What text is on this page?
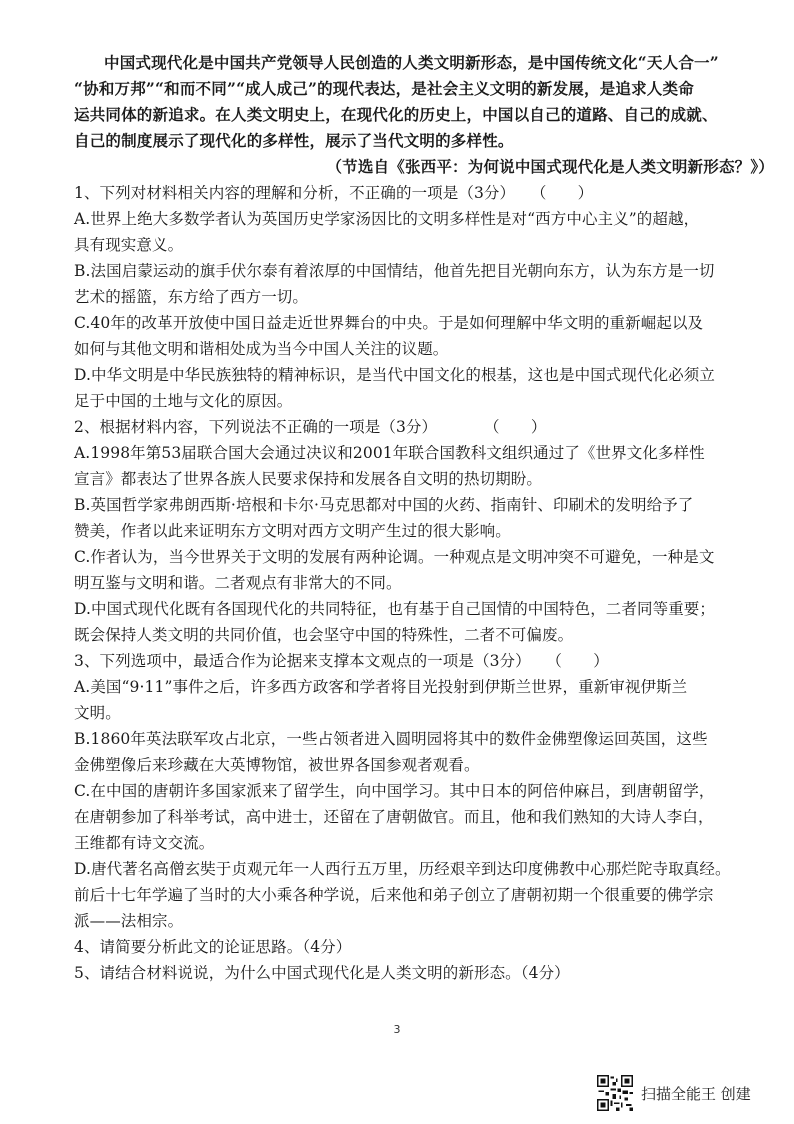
中国式现代化是中国共产党领导人民创造的人类文明新形态，是中国传统文化“天人合一”
“协和万邦”“和而不同”“成人成己”的现代表达，是社会主义文明的新发展，是追求人类命
运共同体的新追求。在人类文明史上，在现代化的历史上，中国以自己的道路、自己的成就、
自己的制度展示了现代化的多样性，展示了当代文明的多样性。
（节选自《张西平：为何说中国式现代化是人类文明新形态？》）
1、下列对材料相关内容的理解和分析，不正确的一项是（3分）　　（　　）
A.世界上绝大多数学者认为英国历史学家汤因比的文明多样性是对“西方中心主义”的超越，
具有现实意义。
B.法国启蒙运动的旗手伏尔泰有着浓厚的中国情结，他首先把目光朝向东方，认为东方是一切
艺术的摇篮，东方给了西方一切。
C.40年的改革开放使中国日益走近世界舞台的中央。于是如何理解中华文明的重新崛起以及
如何与其他文明和谐相处成为当今中国人关注的议题。
D.中华文明是中华民族独特的精神标识，是当代中国文化的根基，这也是中国式现代化必须立
足于中国的土地与文化的原因。
2、根据材料内容，下列说法不正确的一项是（3分）　　　　（　　）
A.1998年第53届联合国大会通过决议和2001年联合国教科文组织通过了《世界文化多样性
宣言》都表达了世界各族人民要求保持和发展各自文明的热切期盼。
B.英国哲学家弗朗西斯·培根和卡尔·马克思都对中国的火药、指南针、印刷术的发明给予了
赞美，作者以此来证明东方文明对西方文明产生过的很大影响。
C.作者认为，当今世界关于文明的发展有两种论调。一种观点是文明冲突不可避免，一种是文
明互鉴与文明和谐。二者观点有非常大的不同。
D.中国式现代化既有各国现代化的共同特征，也有基于自己国情的中国特色，二者同等重要；
既会保持人类文明的共同价值，也会坚守中国的特殊性，二者不可偏废。
3、下列选项中，最适合作为论据来支撑本文观点的一项是（3分）　　（　　）
A.美国“9·11”事件之后，许多西方政客和学者将目光投射到伊斯兰世界，重新审视伊斯兰
文明。
B.1860年英法联军攻占北京，一些占领者进入圆明园将其中的数件金佛塑像运回英国，这些
金佛塑像后来珍藏在大英博物馆，被世界各国参观者观看。
C.在中国的唐朝许多国家派来了留学生，向中国学习。其中日本的阿倍仲麻吕，到唐朝留学，
在唐朝参加了科举考试，高中进士，还留在了唐朝做官。而且，他和我们熟知的大诗人李白，
王维都有诗文交流。
D.唐代著名高僧玄奘于贞观元年一人西行五万里，历经艰辛到达印度佛教中心那烂陀寺取真经。
前后十七年学遍了当时的大小乘各种学说，后来他和弟子创立了唐朝初期一个很重要的佛学宗
派——法相宗。
4、请简要分析此文的论证思路。（4分）
5、请结合材料说说，为什么中国式现代化是人类文明的新形态。（4分）
3
扫描全能王 创建
